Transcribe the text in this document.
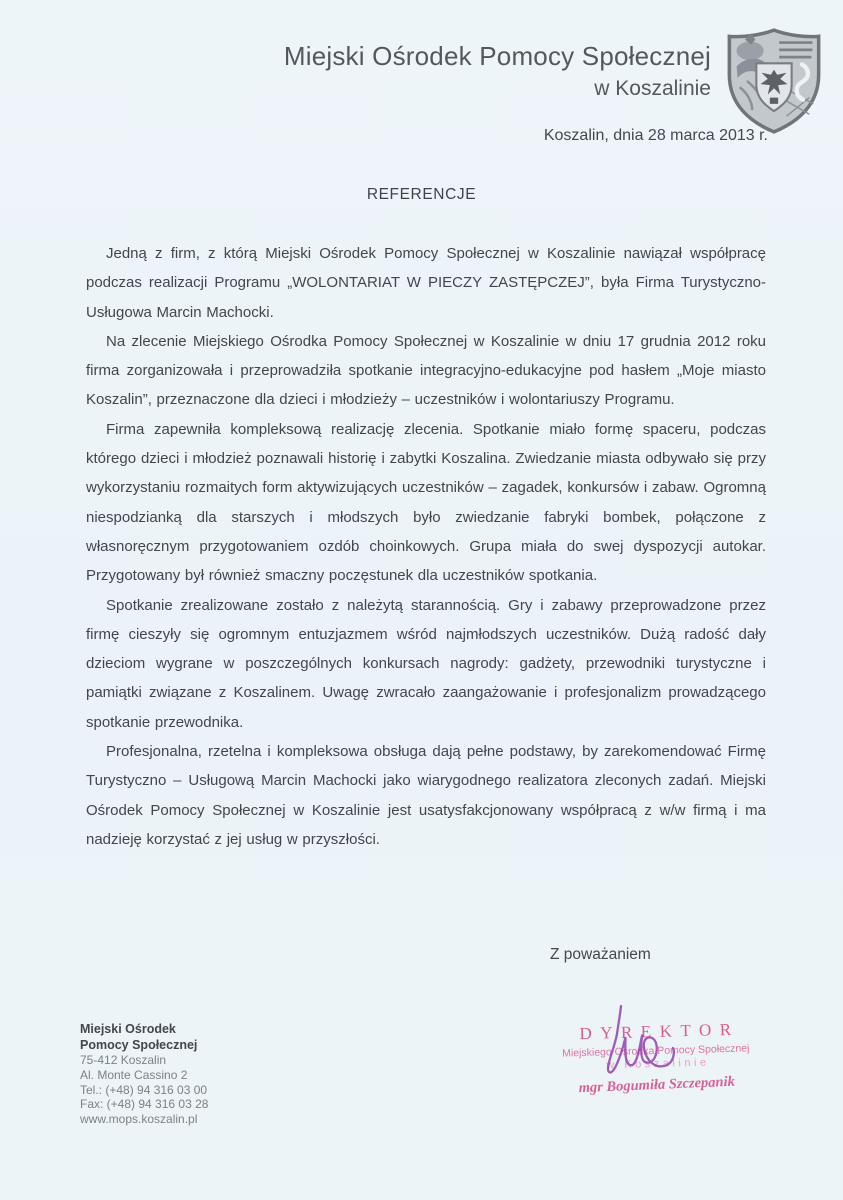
Miejski Ośrodek Pomocy Społecznej
w Koszalinie
Koszalin, dnia 28 marca 2013 r.
REFERENCJE

Jedną z firm, z którą Miejski Ośrodek Pomocy Społecznej w Koszalinie nawiązał współpracę podczas realizacji Programu „WOLONTARIAT W PIECZY ZASTĘPCZEJ”, była Firma Turystyczno-Usługowa Marcin Machocki.

Na zlecenie Miejskiego Ośrodka Pomocy Społecznej w Koszalinie w dniu 17 grudnia 2012 roku firma zorganizowała i przeprowadziła spotkanie integracyjno-edukacyjne pod hasłem „Moje miasto Koszalin”, przeznaczone dla dzieci i młodzieży – uczestników i wolontariuszy Programu.

Firma zapewniła kompleksową realizację zlecenia. Spotkanie miało formę spaceru, podczas którego dzieci i młodzież poznawali historię i zabytki Koszalina. Zwiedzanie miasta odbywało się przy wykorzystaniu rozmaitych form aktywizujących uczestników – zagadek, konkursów i zabaw. Ogromną niespodzianką dla starszych i młodszych było zwiedzanie fabryki bombek, połączone z własnoręcznym przygotowaniem ozdób choinkowych. Grupa miała do swej dyspozycji autokar. Przygotowany był również smaczny poczęstunek dla uczestników spotkania.

Spotkanie zrealizowane zostało z należytą starannością. Gry i zabawy przeprowadzone przez firmę cieszyły się ogromnym entuzjazmem wśród najmłodszych uczestników. Dużą radość dały dzieciom wygrane w poszczególnych konkursach nagrody: gadżety, przewodniki turystyczne i pamiątki związane z Koszalinem. Uwagę zwracało zaangażowanie i profesjonalizm prowadzącego spotkanie przewodnika.

Profesjonalna, rzetelna i kompleksowa obsługa dają pełne podstawy, by zarekomendować Firmę Turystyczno – Usługową Marcin Machocki jako wiarygodnego realizatora zleconych zadań. Miejski Ośrodek Pomocy Społecznej w Koszalinie jest usatysfakcjonowany współpracą z w/w firmą i ma nadzieję korzystać z jej usług w przyszłości.

Z poważaniem
Miejski Ośrodek
Pomocy Społecznej
75-412 Koszalin
Al. Monte Cassino 2
Tel.: (+48) 94 316 03 00
Fax: (+48) 94 316 03 28
www.mops.koszalin.pl
DYREKTOR
Miejskiego Ośrodka Pomocy Społecznej
w Koszalinie
mgr Bogumiła Szczepanik
